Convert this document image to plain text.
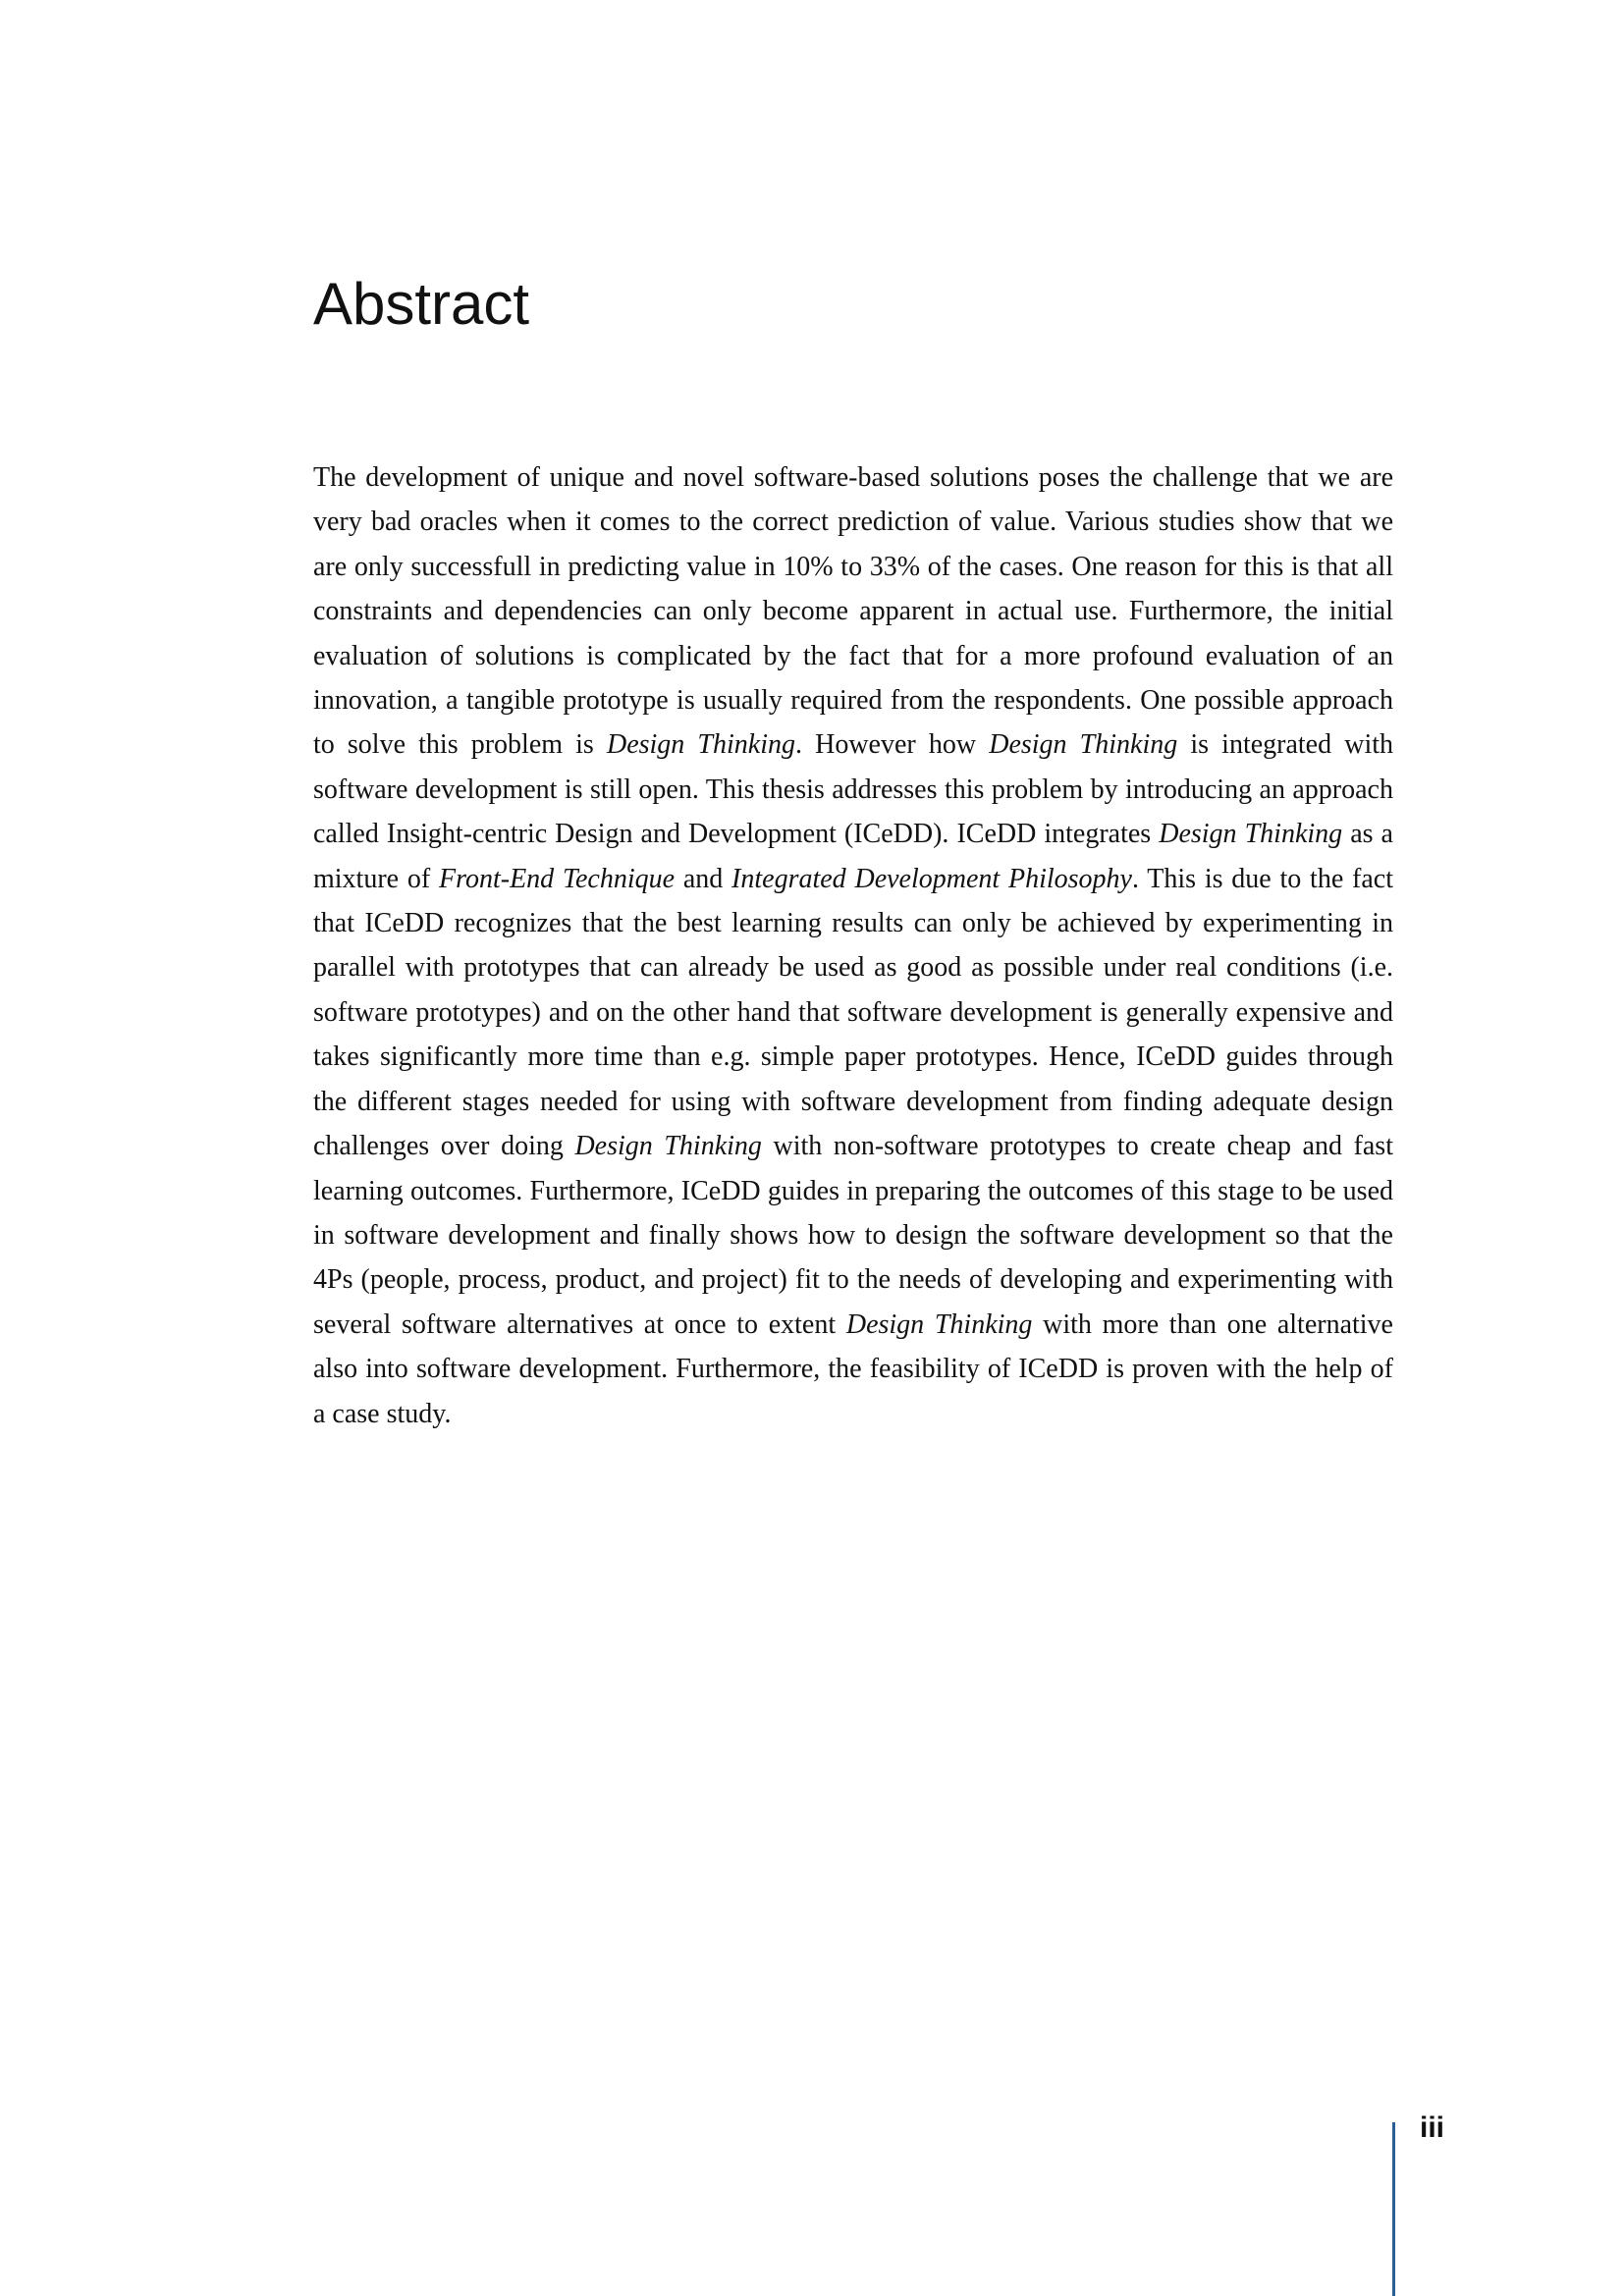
Abstract

The development of unique and novel software-based solutions poses the challenge that we are very bad oracles when it comes to the correct prediction of value. Various studies show that we are only successfull in predicting value in 10% to 33% of the cases. One reason for this is that all constraints and dependencies can only become apparent in actual use. Furthermore, the initial evaluation of solutions is complicated by the fact that for a more profound evaluation of an innovation, a tangible prototype is usually required from the respondents. One possible approach to solve this problem is Design Thinking. However how Design Thinking is integrated with software development is still open. This thesis addresses this problem by introducing an approach called Insight-centric Design and Development (ICeDD). ICeDD integrates Design Thinking as a mixture of Front-End Technique and Integrated Development Philosophy. This is due to the fact that ICeDD recognizes that the best learning results can only be achieved by experimenting in parallel with prototypes that can already be used as good as possible under real conditions (i.e. software prototypes) and on the other hand that software development is generally expensive and takes significantly more time than e.g. simple paper prototypes. Hence, ICeDD guides through the different stages needed for using with software development from finding adequate design challenges over doing Design Thinking with non-software prototypes to create cheap and fast learning outcomes. Furthermore, ICeDD guides in preparing the outcomes of this stage to be used in software development and finally shows how to design the software development so that the 4Ps (people, process, product, and project) fit to the needs of developing and experimenting with several software alternatives at once to extent Design Thinking with more than one alternative also into software development. Furthermore, the feasibility of ICeDD is proven with the help of a case study.

iii
